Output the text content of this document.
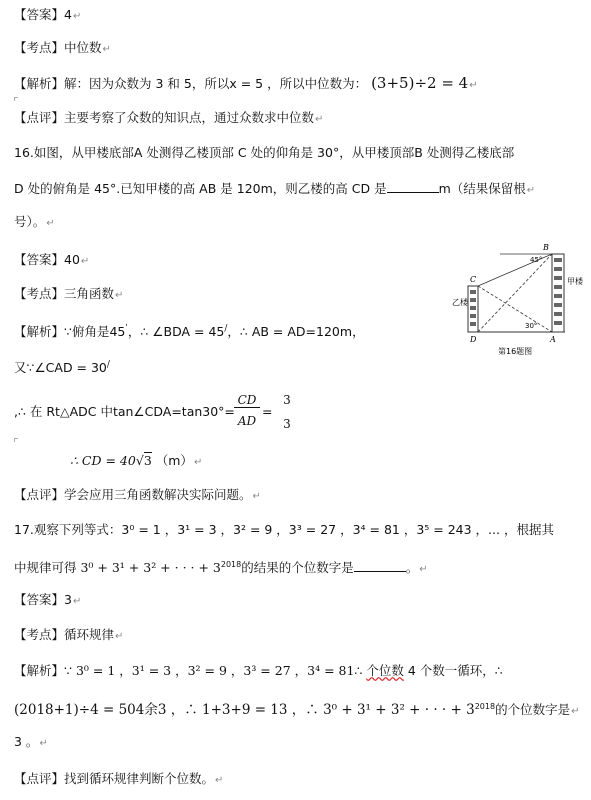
【答案】4↵
【考点】中位数↵
【解析】解：因为众数为 3 和 5，所以x = 5 ，所以中位数为： (3+5)÷2 = 4↵
【点评】主要考察了众数的知识点，通过众数求中位数↵
16.如图，从甲楼底部A 处测得乙楼顶部 C 处的仰角是 30°，从甲楼顶部B 处测得乙楼底部
D 处的俯角是 45°.已知甲楼的高 AB 是 120m，则乙楼的高 CD 是	m（结果保留根↵
号）。↵
【答案】40↵
【考点】三角函数↵
【解析】∵俯角是$45^ˈ$，∴ ∠BDA = 45/，∴ AB = AD=120m，
又∵∠CAD = 30/
,∴ 在 Rt△ADC 中tan∠CDA=tan30°= $\frac{CD}{AD}$ =
3
3
∴ CD = 40√3 （m）↵
【点评】学会应用三角函数解决实际问题。↵
B
C
D	A
45°
30°
甲楼
乙楼
第16题图
17.观察下列等式：3⁰ = 1 ，3¹ = 3 ，3² = 9 ，3³ = 27 ，3⁴ = 81 ，3⁵ = 243 ，... ，根据其
中规律可得 3⁰ + 3¹ + 3² + · · · + $3^{2018}$的结果的个位数字是	。↵
【答案】3↵
【考点】循环规律↵
【解析】∵ 3⁰ = 1 ，3¹ = 3 ，3² = 9 ，3³ = 27 ，3⁴ = 81∴ 个位数 4 个数一循环，∴
(2018+1)÷4 = 504余3 ，∴ 1+3+9 = 13 ，∴ 3⁰ + 3¹ + 3² + · · · + $3^{2018}$的个位数字是↵
3 。↵
【点评】找到循环规律判断个位数。↵
